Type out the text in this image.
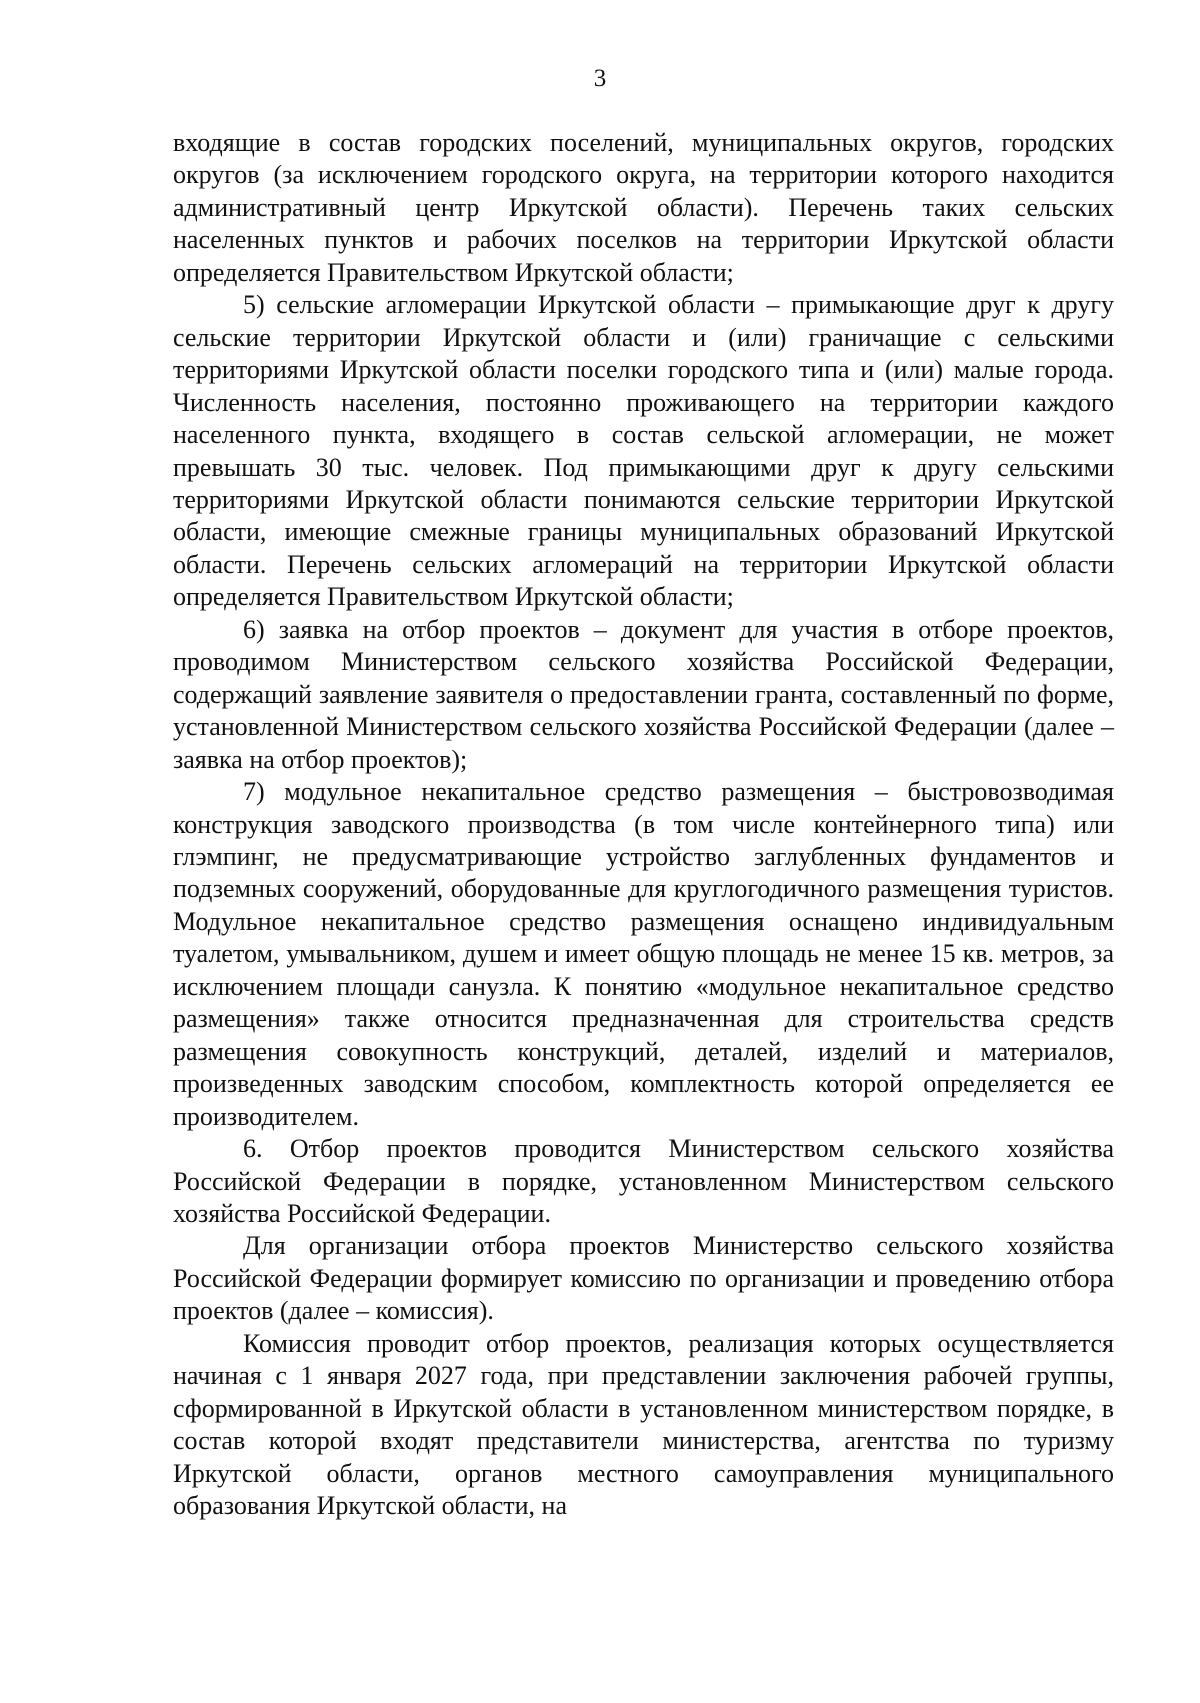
3

входящие в состав городских поселений, муниципальных округов, городских округов (за исключением городского округа, на территории которого находится административный центр Иркутской области). Перечень таких сельских населенных пунктов и рабочих поселков на территории Иркутской области определяется Правительством Иркутской области;

5) сельские агломерации Иркутской области – примыкающие друг к другу сельские территории Иркутской области и (или) граничащие с сельскими территориями Иркутской области поселки городского типа и (или) малые города. Численность населения, постоянно проживающего на территории каждого населенного пункта, входящего в состав сельской агломерации, не может превышать 30 тыс. человек. Под примыкающими друг к другу сельскими территориями Иркутской области понимаются сельские территории Иркутской области, имеющие смежные границы муниципальных образований Иркутской области. Перечень сельских агломераций на территории Иркутской области определяется Правительством Иркутской области;

6) заявка на отбор проектов – документ для участия в отборе проектов, проводимом Министерством сельского хозяйства Российской Федерации, содержащий заявление заявителя о предоставлении гранта, составленный по форме, установленной Министерством сельского хозяйства Российской Федерации (далее – заявка на отбор проектов);

7) модульное некапитальное средство размещения – быстровозводимая конструкция заводского производства (в том числе контейнерного типа) или глэмпинг, не предусматривающие устройство заглубленных фундаментов и подземных сооружений, оборудованные для круглогодичного размещения туристов. Модульное некапитальное средство размещения оснащено индивидуальным туалетом, умывальником, душем и имеет общую площадь не менее 15 кв. метров, за исключением площади санузла. К понятию «модульное некапитальное средство размещения» также относится предназначенная для строительства средств размещения совокупность конструкций, деталей, изделий и материалов, произведенных заводским способом, комплектность которой определяется ее производителем.

6. Отбор проектов проводится Министерством сельского хозяйства Российской Федерации в порядке, установленном Министерством сельского хозяйства Российской Федерации.

Для организации отбора проектов Министерство сельского хозяйства Российской Федерации формирует комиссию по организации и проведению отбора проектов (далее – комиссия).

Комиссия проводит отбор проектов, реализация которых осуществляется начиная с 1 января 2027 года, при представлении заключения рабочей группы, сформированной в Иркутской области в установленном министерством порядке, в состав которой входят представители министерства, агентства по туризму Иркутской области, органов местного самоуправления муниципального образования Иркутской области, на
